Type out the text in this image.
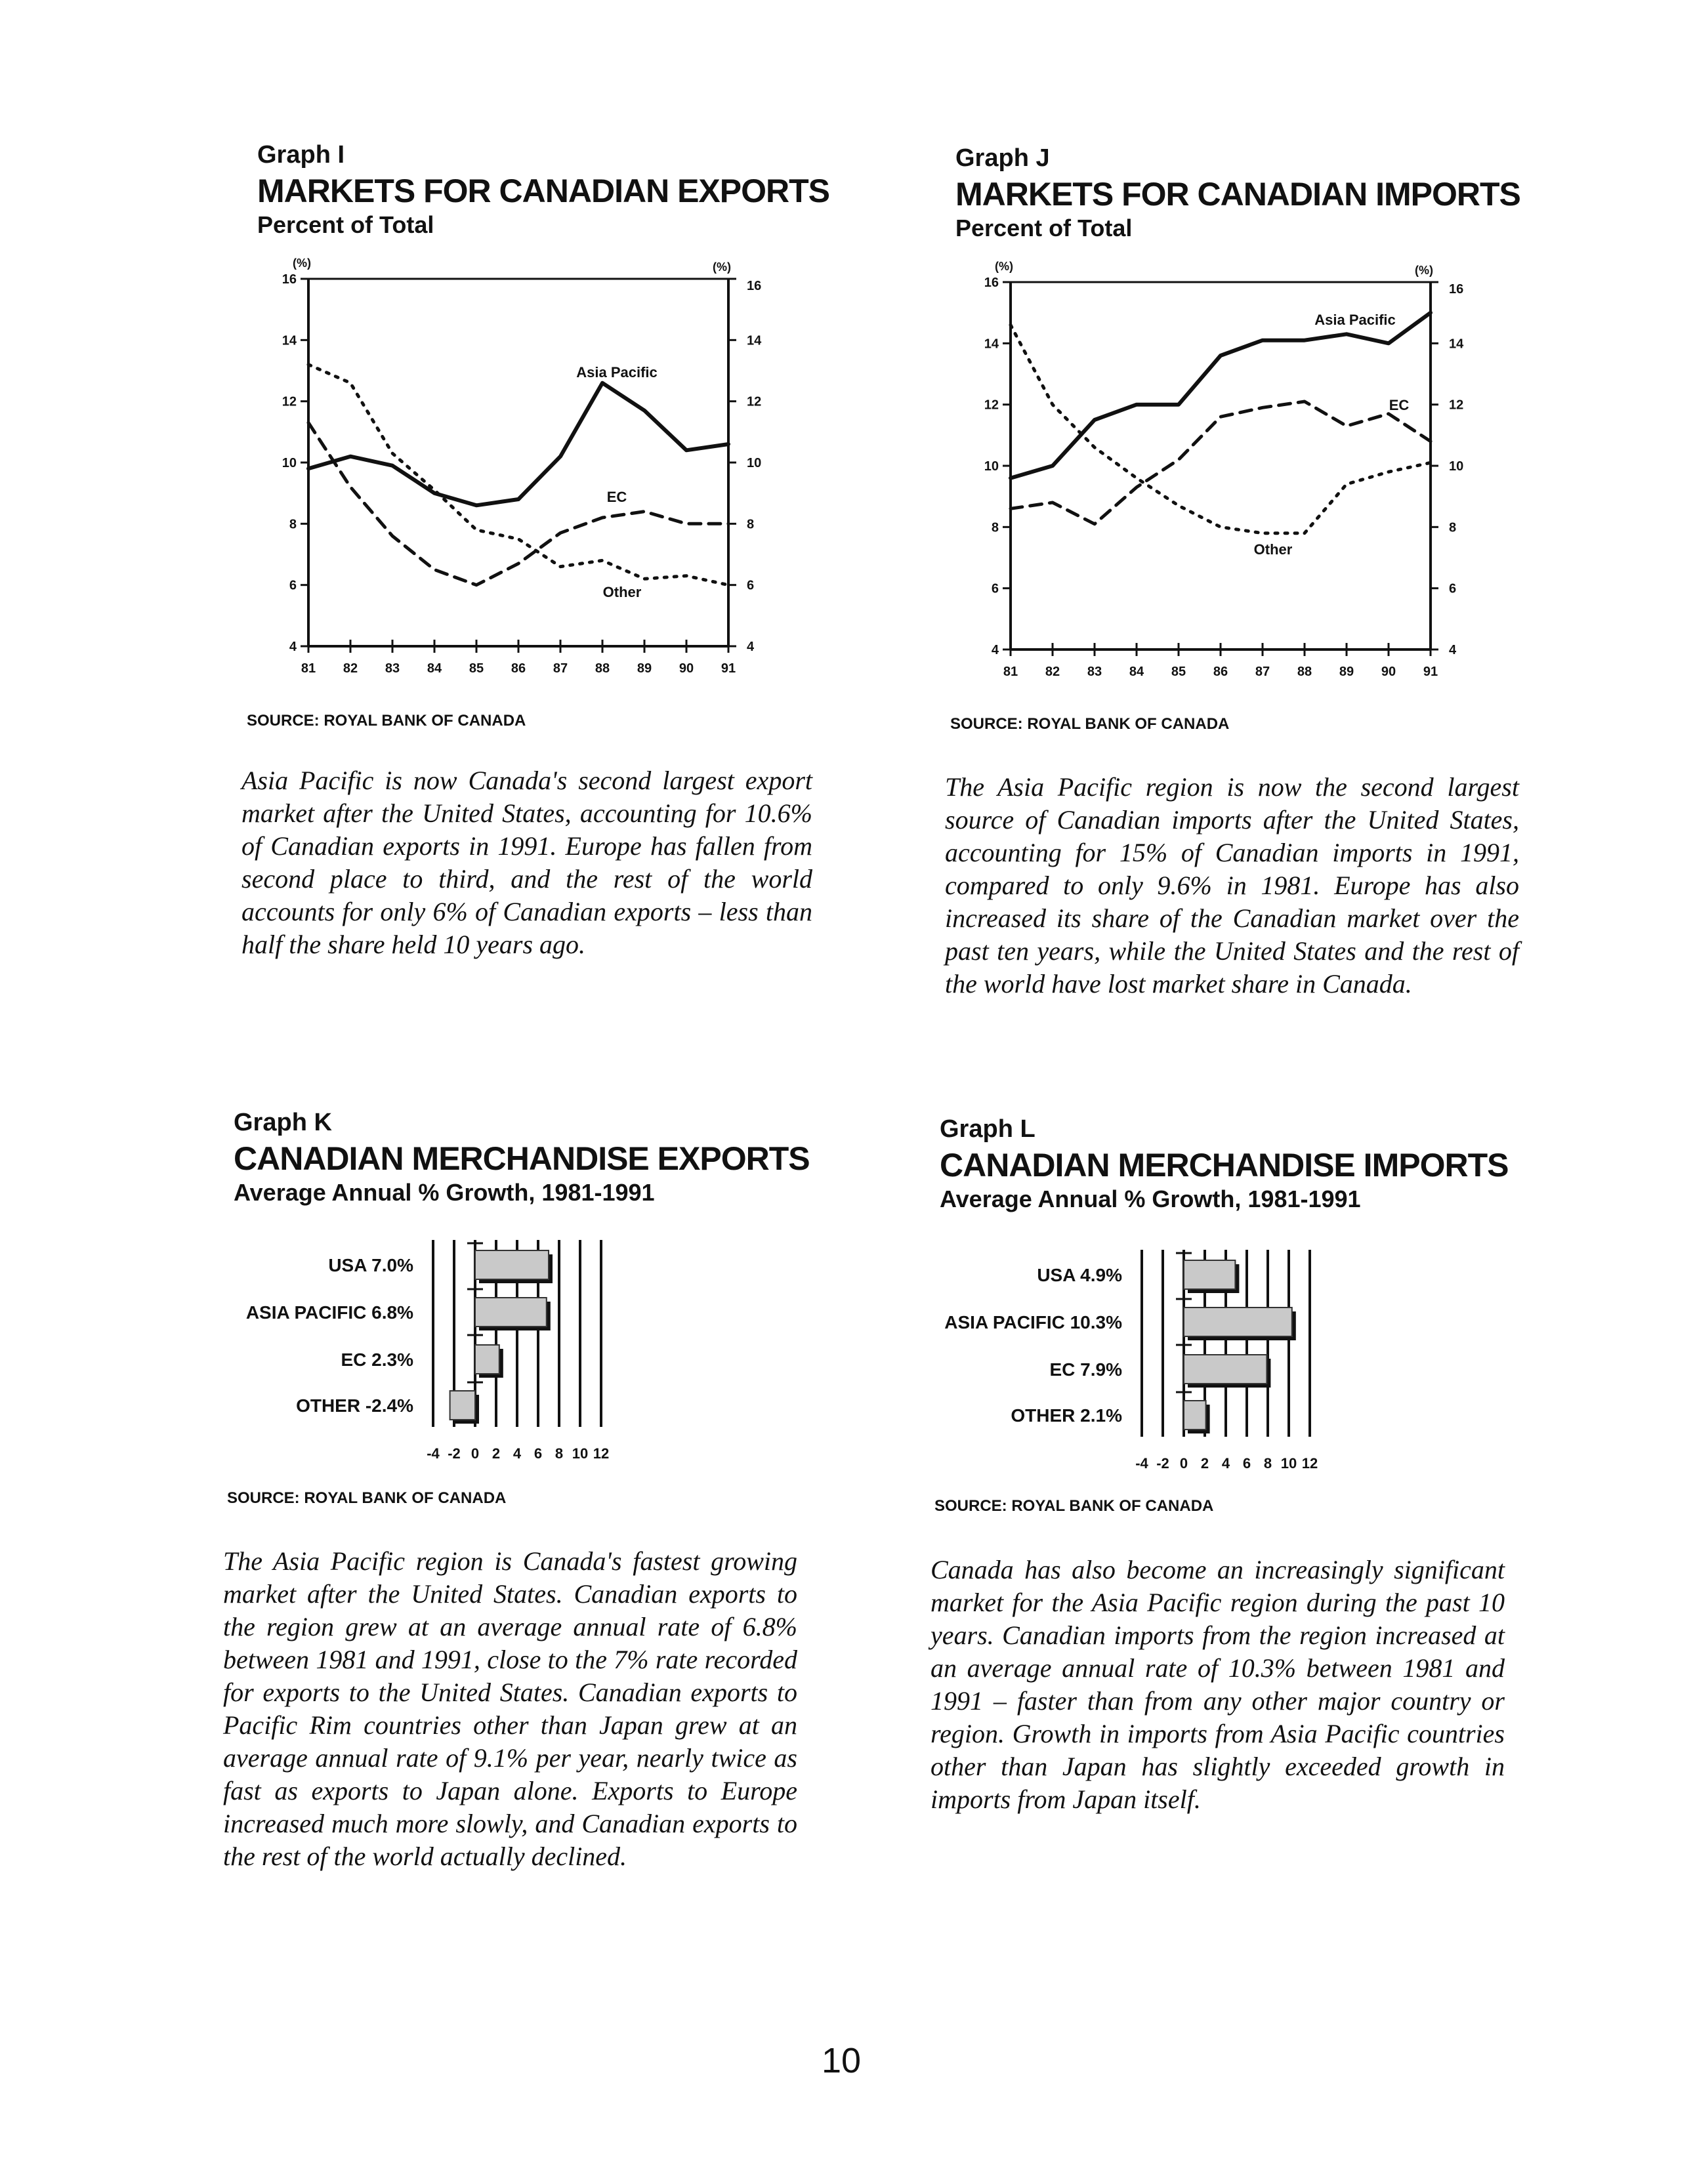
Graph I
MARKETS FOR CANADIAN EXPORTS
Percent of Total
(%)	(%)
4	4
6	6
8	8
10	10
12	12
14	14
16	16
81 82 83 84 85 86 87 88 89 90 91
Asia Pacific
EC
Other
SOURCE: ROYAL BANK OF CANADA
Asia Pacific is now Canada's second largest export market after the United States, accounting for 10.6% of Canadian exports in 1991. Europe has fallen from second place to third, and the rest of the world accounts for only 6% of Canadian exports – less than half the share held 10 years ago.
Graph J
MARKETS FOR CANADIAN IMPORTS
Percent of Total
(%)	(%)
4	4
6	6
8	8
10	10
12	12
14	14
16	16
81 82 83 84 85 86 87 88 89 90 91
Asia Pacific
EC
Other
SOURCE: ROYAL BANK OF CANADA
The Asia Pacific region is now the second largest source of Canadian imports after the United States, accounting for 15% of Canadian imports in 1991, compared to only 9.6% in 1981. Europe has also increased its share of the Canadian market over the past ten years, while the United States and the rest of the world have lost market share in Canada.
Graph K
CANADIAN MERCHANDISE EXPORTS
Average Annual % Growth, 1981-1991
-4 -2 0 2 4 6 8 10 12
USA 7.0%
ASIA PACIFIC 6.8%
EC 2.3%
OTHER -2.4%
SOURCE: ROYAL BANK OF CANADA
The Asia Pacific region is Canada's fastest growing market after the United States. Canadian exports to the region grew at an average annual rate of 6.8% between 1981 and 1991, close to the 7% rate recorded for exports to the United States. Canadian exports to Pacific Rim countries other than Japan grew at an average annual rate of 9.1% per year, nearly twice as fast as exports to Japan alone. Exports to Europe increased much more slowly, and Canadian exports to the rest of the world actually declined.
Graph L
CANADIAN MERCHANDISE IMPORTS
Average Annual % Growth, 1981-1991
-4 -2 0 2 4 6 8 10 12
USA 4.9%
ASIA PACIFIC 10.3%
EC 7.9%
OTHER 2.1%
SOURCE: ROYAL BANK OF CANADA
Canada has also become an increasingly significant market for the Asia Pacific region during the past 10 years. Canadian imports from the region increased at an average annual rate of 10.3% between 1981 and 1991 – faster than from any other major country or region. Growth in imports from Asia Pacific countries other than Japan has slightly exceeded growth in imports from Japan itself.
10
